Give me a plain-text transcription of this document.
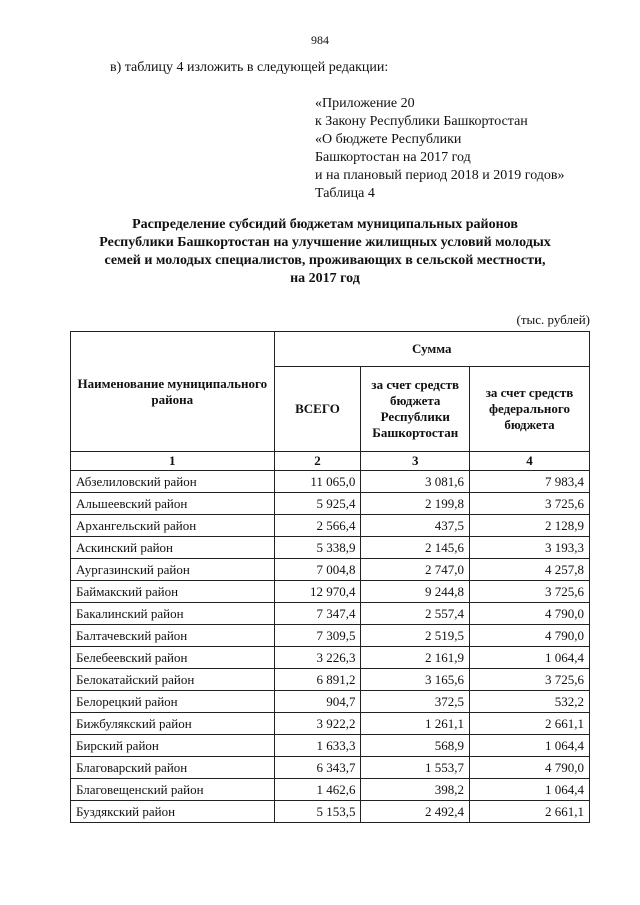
984
в) таблицу 4 изложить в следующей редакции:
«Приложение 20
к Закону Республики Башкортостан
«О бюджете Республики
Башкортостан на 2017 год
и на плановый период 2018 и 2019 годов»
Таблица 4
Распределение субсидий бюджетам муниципальных районов
Республики Башкортостан на улучшение жилищных условий молодых
семей и молодых специалистов, проживающих в сельской местности,
на 2017 год
(тыс. рублей)
Наименование муниципального района	Сумма		
	ВСЕГО	за счет средств бюджета Республики Башкортостан	за счет средств федерального бюджета
1	2	3	4
Абзелиловский район	11 065,0	3 081,6	7 983,4
Альшеевский район	5 925,4	2 199,8	3 725,6
Архангельский район	2 566,4	437,5	2 128,9
Аскинский район	5 338,9	2 145,6	3 193,3
Аургазинский район	7 004,8	2 747,0	4 257,8
Баймакский район	12 970,4	9 244,8	3 725,6
Бакалинский район	7 347,4	2 557,4	4 790,0
Балтачевский район	7 309,5	2 519,5	4 790,0
Белебеевский район	3 226,3	2 161,9	1 064,4
Белокатайский район	6 891,2	3 165,6	3 725,6
Белорецкий район	904,7	372,5	532,2
Бижбулякский район	3 922,2	1 261,1	2 661,1
Бирский район	1 633,3	568,9	1 064,4
Благоварский район	6 343,7	1 553,7	4 790,0
Благовещенский район	1 462,6	398,2	1 064,4
Буздякский район	5 153,5	2 492,4	2 661,1
